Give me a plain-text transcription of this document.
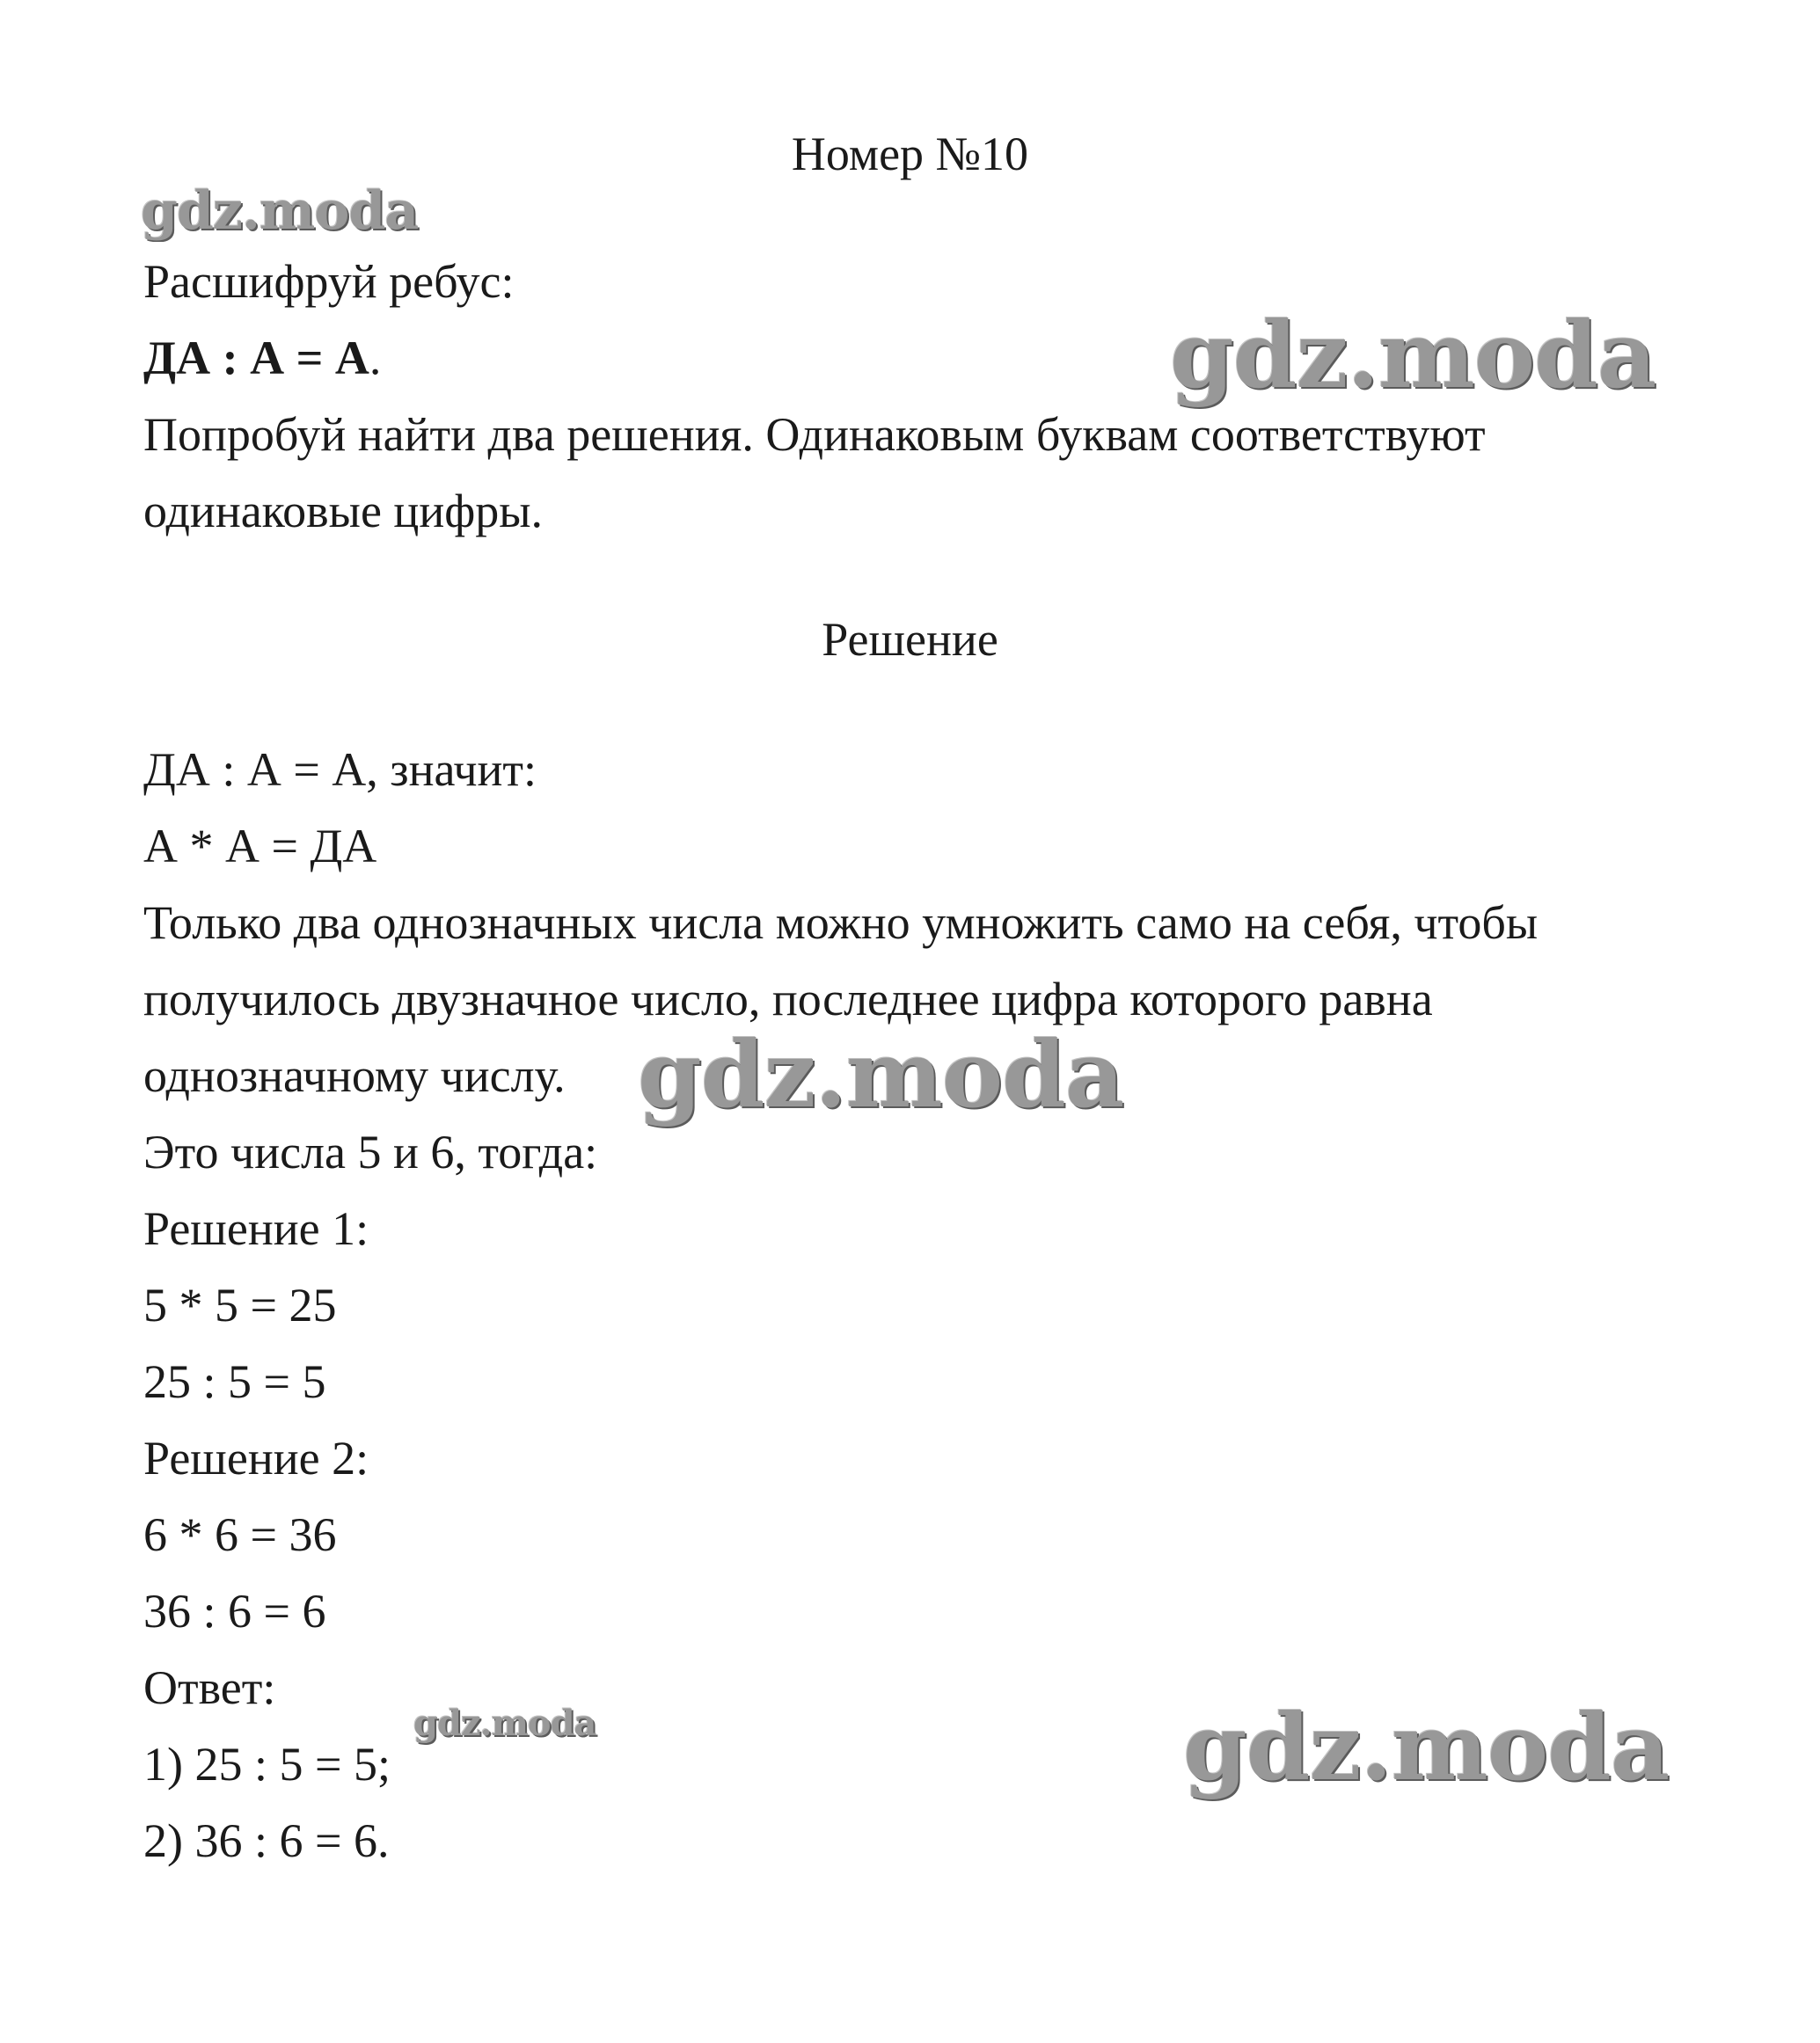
Номер №10
gdz.moda
Расшифруй ребус:
ДА : А = А.	gdz.moda
Попробуй найти два решения. Одинаковым буквам соответствуют
одинаковые цифры.
Решение
ДА : А = А, значит:
А * А = ДА
Только два однозначных числа можно умножить само на себя, чтобы
получилось двузначное число, последнее цифра которого равна
однозначному числу. gdz.moda
Это числа 5 и 6, тогда:
Решение 1:
5 * 5 = 25
25 : 5 = 5
Решение 2:
6 * 6 = 36
36 : 6 = 6
Ответ:
gdz.moda
1) 25 : 5 = 5;	gdz.moda
2) 36 : 6 = 6.
